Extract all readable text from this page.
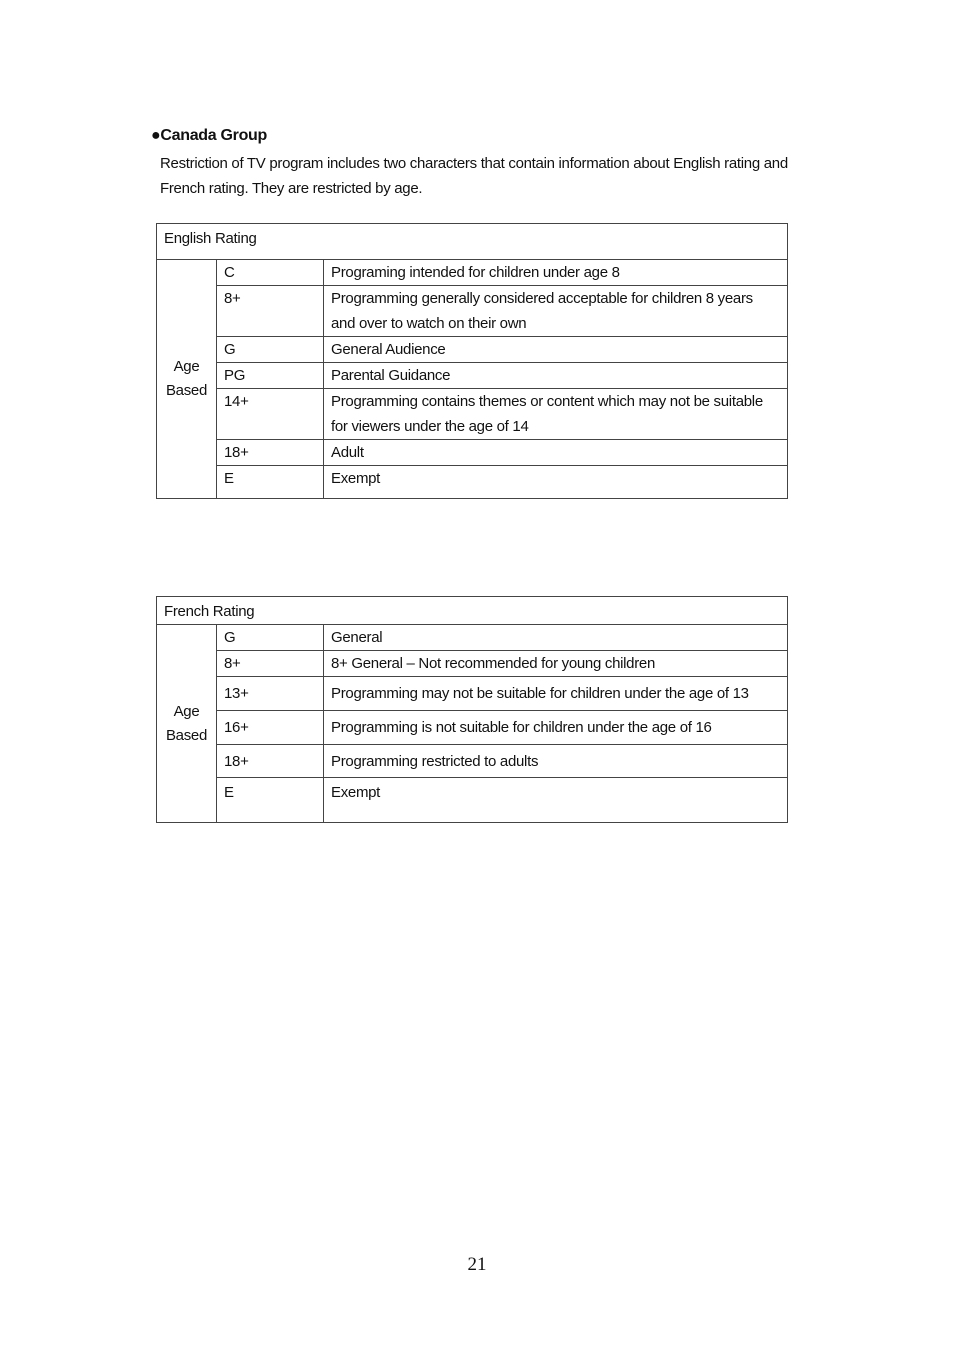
●Canada Group
Restriction of TV program includes two characters that contain information about English rating and French rating. They are restricted by age.
English Rating		
Age
Based	C	Programing intended for children under age 8
	8+	Programming generally considered acceptable for children 8 years and over to watch on their own
	G	General Audience
	PG	Parental Guidance
	14+	Programming contains themes or content which may not be suitable for viewers under the age of 14
	18+	Adult
	E	Exempt
French Rating		
Age
Based	G	General
	8+	8+ General – Not recommended for young children
	13+	Programming may not be suitable for children under the age of 13
	16+	Programming is not suitable for children under the age of 16
	18+	Programming restricted to adults
	E	Exempt
21
